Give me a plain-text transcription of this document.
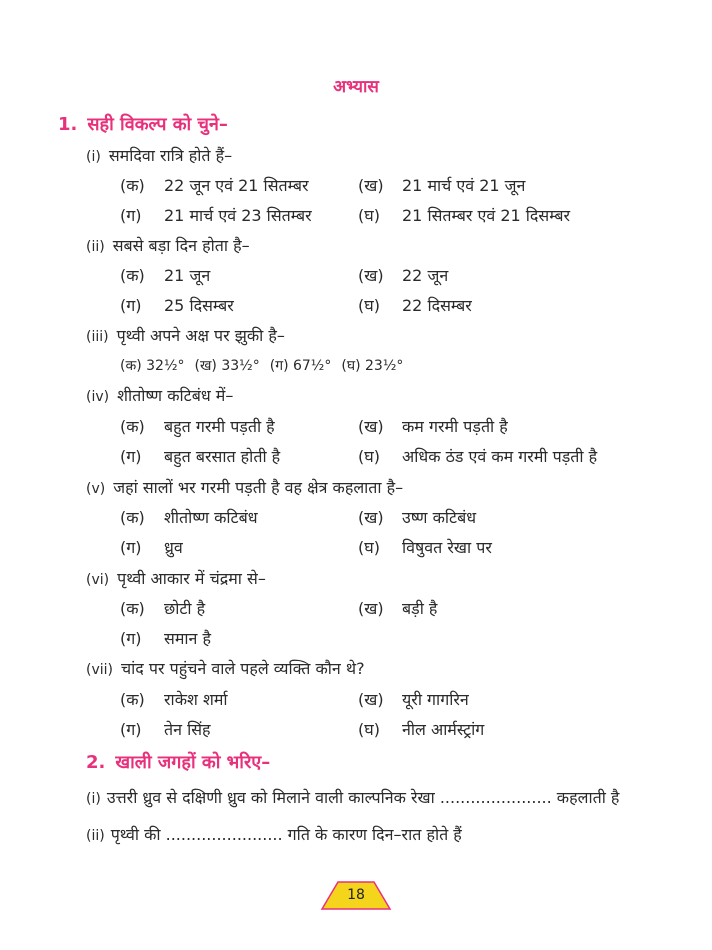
अभ्यास
1. सही विकल्प को चुने–
(i) समदिवा रात्रि होते हैं–
(क) 22 जून एवं 21 सितम्बर	(ख) 21 मार्च एवं 21 जून
(ग) 21 मार्च एवं 23 सितम्बर	(घ) 21 सितम्बर एवं 21 दिसम्बर
(ii) सबसे बड़ा दिन होता है–
(क) 21 जून	(ख) 22 जून
(ग) 25 दिसम्बर	(घ) 22 दिसम्बर
(iii) पृथ्वी अपने अक्ष पर झुकी है–
(क) 32½° (ख) 33½° (ग) 67½° (घ) 23½°
(iv) शीतोष्ण कटिबंध में–
(क) बहुत गरमी पड़ती है	(ख) कम गरमी पड़ती है
(ग) बहुत बरसात होती है	(घ) अधिक ठंड एवं कम गरमी पड़ती है
(v) जहां सालों भर गरमी पड़ती है वह क्षेत्र कहलाता है–
(क) शीतोष्ण कटिबंध	(ख) उष्ण कटिबंध
(ग) ध्रुव	(घ) विषुवत रेखा पर
(vi) पृथ्वी आकार में चंद्रमा से–
(क) छोटी है	(ख) बड़ी है
(ग) समान है
(vii) चांद पर पहुंचने वाले पहले व्यक्ति कौन थे?
(क) राकेश शर्मा	(ख) यूरी गागरिन
(ग) तेन सिंह	(घ) नील आर्मस्ट्रांग
2. खाली जगहों को भरिए–
(i) उत्तरी ध्रुव से दक्षिणी ध्रुव को मिलाने वाली काल्पनिक रेखा ...................... कहलाती है
(ii) पृथ्वी की ....................... गति के कारण दिन–रात होते हैं
18
